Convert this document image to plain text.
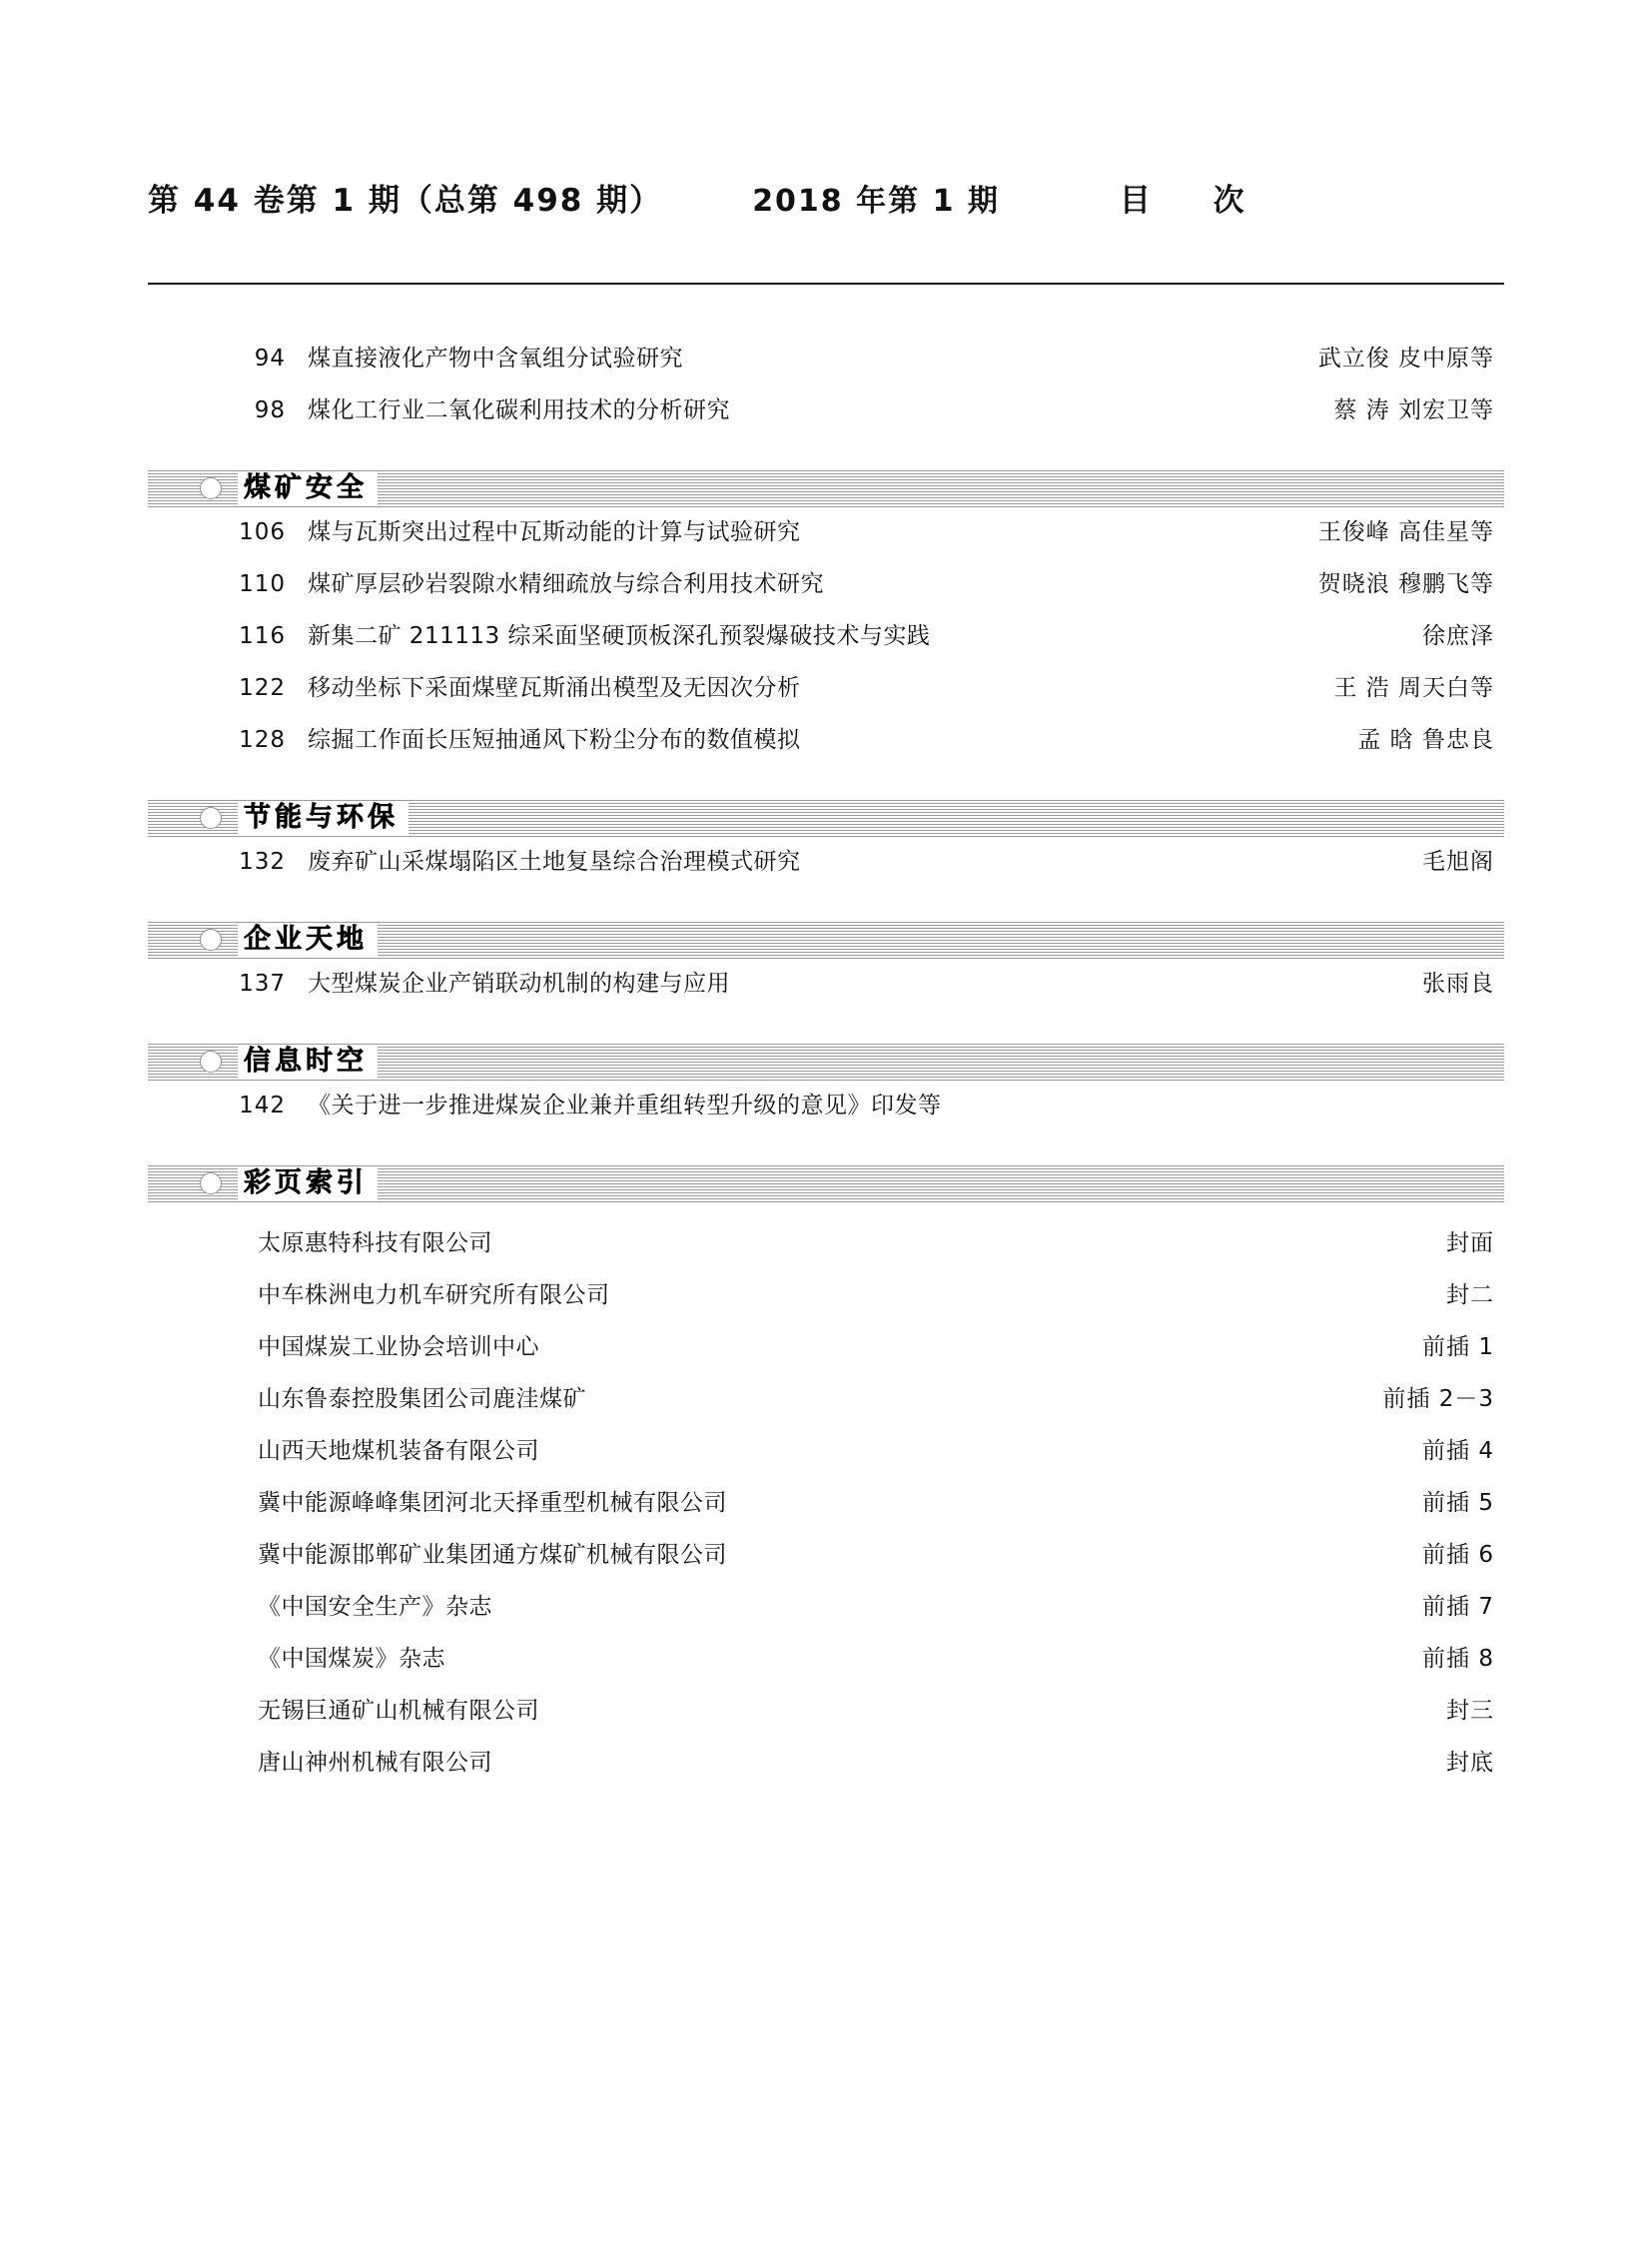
第 44 卷第 1 期（总第 498 期）	2018 年第 1 期	目 次
94 煤直接液化产物中含氧组分试验研究	武立俊 皮中原等
98 煤化工行业二氧化碳利用技术的分析研究	蔡 涛 刘宏卫等
煤矿安全
106 煤与瓦斯突出过程中瓦斯动能的计算与试验研究	王俊峰 高佳星等
110 煤矿厚层砂岩裂隙水精细疏放与综合利用技术研究	贺晓浪 穆鹏飞等
116 新集二矿 211113 综采面坚硬顶板深孔预裂爆破技术与实践	徐庶泽
122 移动坐标下采面煤壁瓦斯涌出模型及无因次分析	王 浩 周天白等
128 综掘工作面长压短抽通风下粉尘分布的数值模拟	孟 晗 鲁忠良
节能与环保
132 废弃矿山采煤塌陷区土地复垦综合治理模式研究	毛旭阁
企业天地
137 大型煤炭企业产销联动机制的构建与应用	张雨良
信息时空
142 《关于进一步推进煤炭企业兼并重组转型升级的意见》印发等
彩页索引
太原惠特科技有限公司	封面
中车株洲电力机车研究所有限公司	封二
中国煤炭工业协会培训中心	前插 1
山东鲁泰控股集团公司鹿洼煤矿	前插 2－3
山西天地煤机装备有限公司	前插 4
冀中能源峰峰集团河北天择重型机械有限公司	前插 5
冀中能源邯郸矿业集团通方煤矿机械有限公司	前插 6
《中国安全生产》杂志	前插 7
《中国煤炭》杂志	前插 8
无锡巨通矿山机械有限公司	封三
唐山神州机械有限公司	封底
